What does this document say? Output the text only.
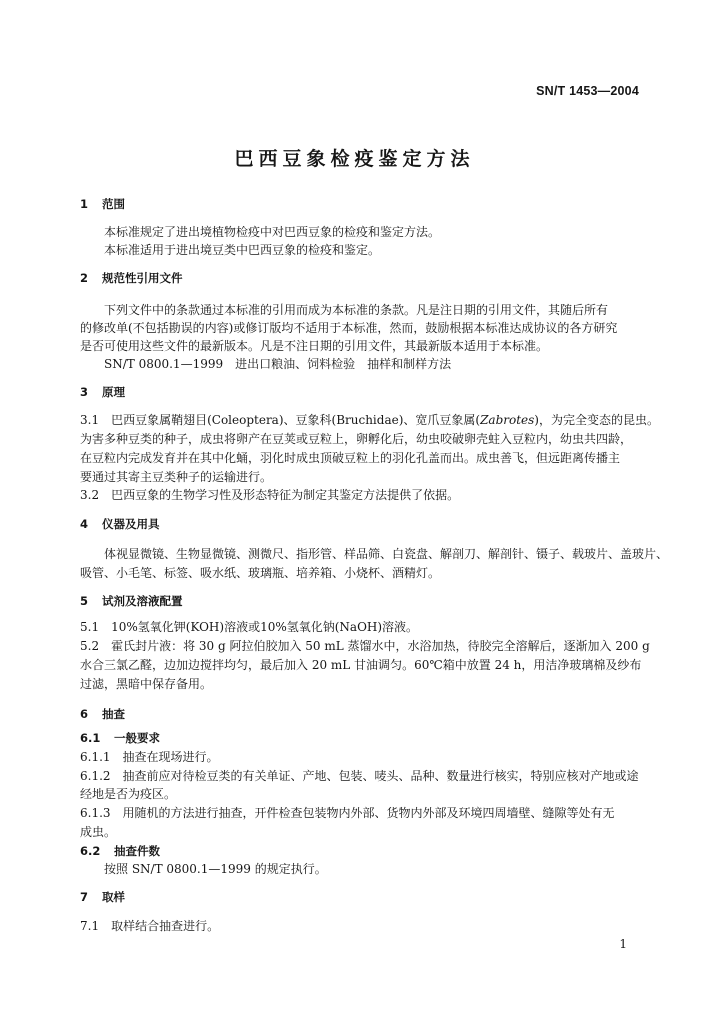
SN/T 1453—2004
巴西豆象检疫鉴定方法
1 范围
本标准规定了进出境植物检疫中对巴西豆象的检疫和鉴定方法。
本标准适用于进出境豆类中巴西豆象的检疫和鉴定。
2 规范性引用文件
下列文件中的条款通过本标准的引用而成为本标准的条款。凡是注日期的引用文件，其随后所有
的修改单(不包括勘误的内容)或修订版均不适用于本标准，然而，鼓励根据本标准达成协议的各方研究
是否可使用这些文件的最新版本。凡是不注日期的引用文件，其最新版本适用于本标准。
SN/T 0800.1—1999　进出口粮油、饲料检验　抽样和制样方法
3 原理
3.1　巴西豆象属鞘翅目(Coleoptera)、豆象科(Bruchidae)、宽爪豆象属(Zabrotes)，为完全变态的昆虫。
为害多种豆类的种子，成虫将卵产在豆荚或豆粒上，卵孵化后，幼虫咬破卵壳蛀入豆粒内，幼虫共四龄，
在豆粒内完成发育并在其中化蛹，羽化时成虫顶破豆粒上的羽化孔盖而出。成虫善飞，但远距离传播主
要通过其寄主豆类种子的运输进行。
3.2　巴西豆象的生物学习性及形态特征为制定其鉴定方法提供了依据。
4 仪器及用具
体视显微镜、生物显微镜、测微尺、指形管、样品筛、白瓷盘、解剖刀、解剖针、镊子、载玻片、盖玻片、
吸管、小毛笔、标签、吸水纸、玻璃瓶、培养箱、小烧杯、酒精灯。
5 试剂及溶液配置
5.1　10%氢氧化钾(KOH)溶液或10%氢氧化钠(NaOH)溶液。
5.2　霍氏封片液：将 30 g 阿拉伯胶加入 50 mL 蒸馏水中，水浴加热，待胶完全溶解后，逐渐加入 200 g
水合三氯乙醛，边加边搅拌均匀，最后加入 20 mL 甘油调匀。60℃箱中放置 24 h，用洁净玻璃棉及纱布
过滤，黑暗中保存备用。
6 抽查
6.1 一般要求
6.1.1　抽查在现场进行。
6.1.2　抽查前应对待检豆类的有关单证、产地、包装、唛头、品种、数量进行核实，特别应核对产地或途
经地是否为疫区。
6.1.3　用随机的方法进行抽查，开件检查包装物内外部、货物内外部及环境四周墙壁、缝隙等处有无
成虫。
6.2 抽查件数
按照 SN/T 0800.1—1999 的规定执行。
7 取样
7.1　取样结合抽查进行。
1
